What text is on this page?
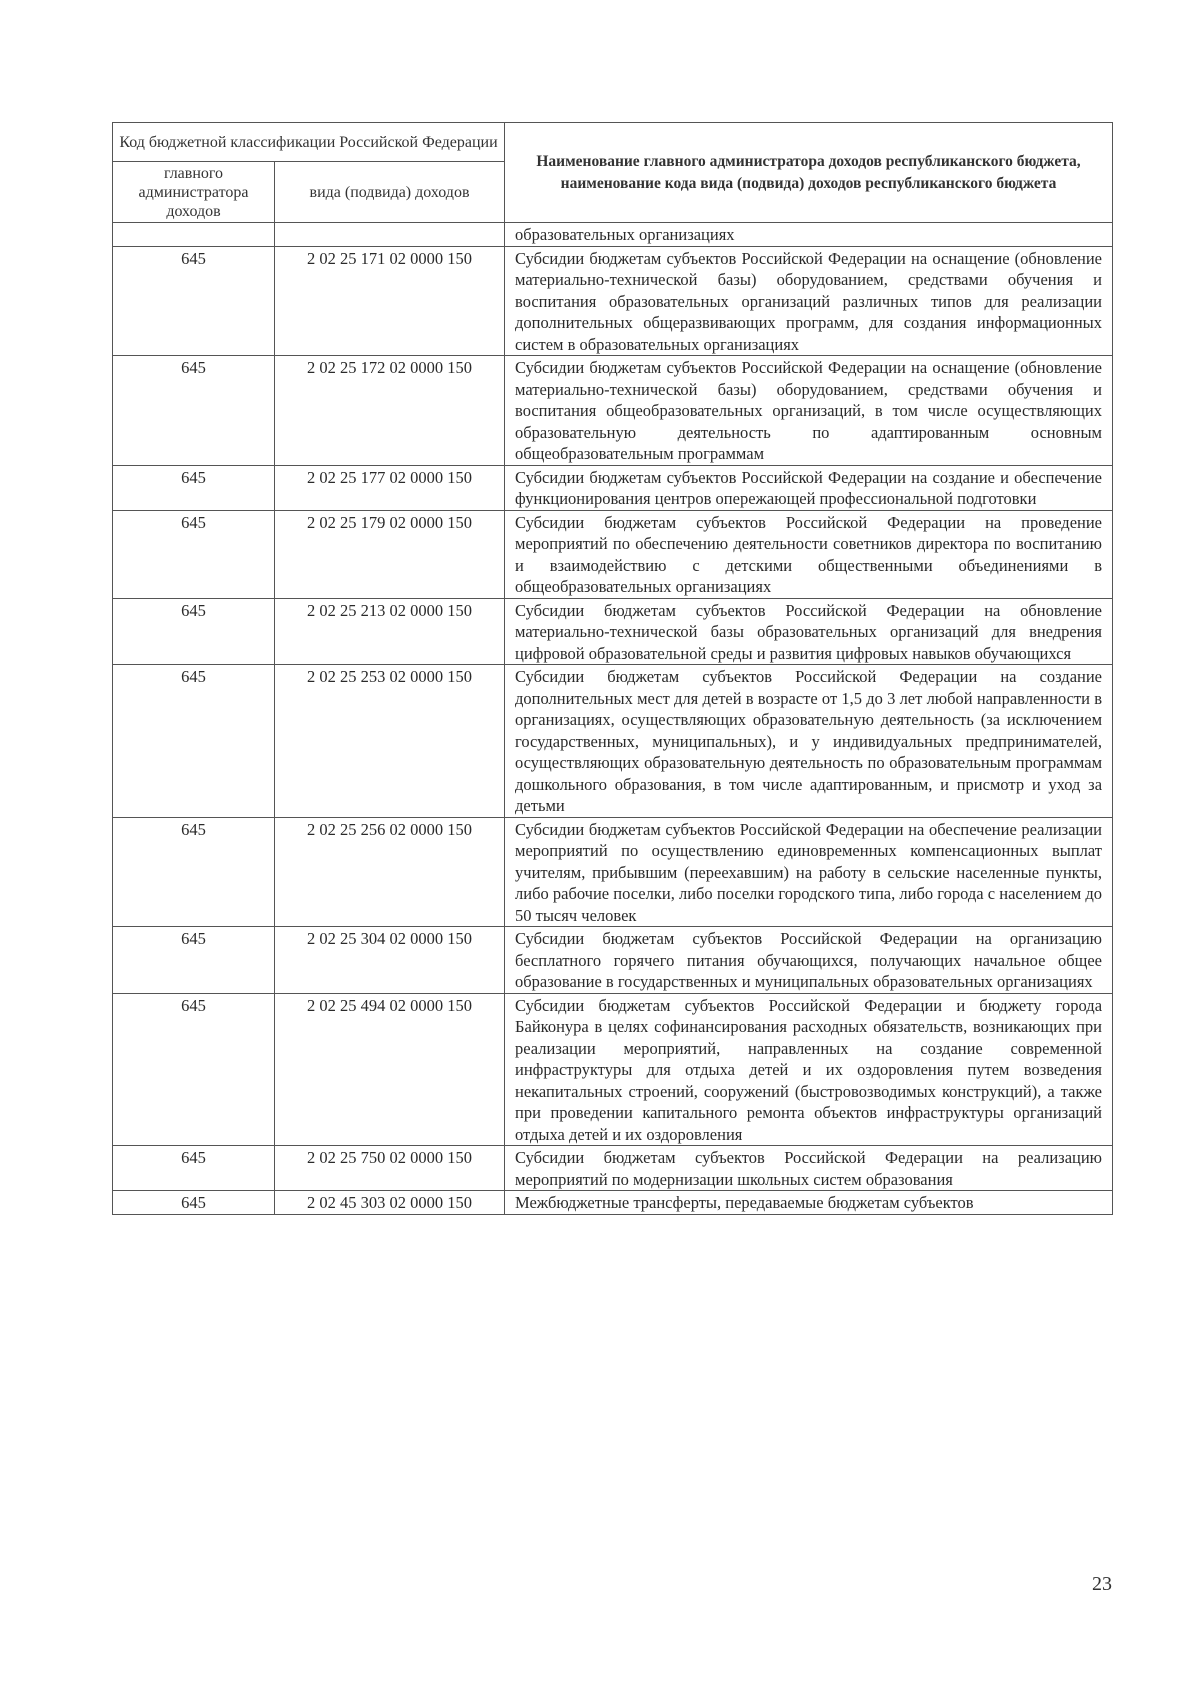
Код бюджетной классификации Российской Федерации		Наименование главного администратора доходов республиканского бюджета, наименование кода вида (подвида) доходов республиканского бюджета
главного администратора доходов	вида (подвида) доходов	
		образовательных организациях
645	2 02 25 171 02 0000 150	Субсидии бюджетам субъектов Российской Федерации на оснащение (обновление материально-технической базы) оборудованием, средствами обучения и воспитания образовательных организаций различных типов для реализации дополнительных общеразвивающих программ, для создания информационных систем в образовательных организациях
645	2 02 25 172 02 0000 150	Субсидии бюджетам субъектов Российской Федерации на оснащение (обновление материально-технической базы) оборудованием, средствами обучения и воспитания общеобразовательных организаций, в том числе осуществляющих образовательную деятельность по адаптированным основным общеобразовательным программам
645	2 02 25 177 02 0000 150	Субсидии бюджетам субъектов Российской Федерации на создание и обеспечение функционирования центров опережающей профессиональной подготовки
645	2 02 25 179 02 0000 150	Субсидии бюджетам субъектов Российской Федерации на проведение мероприятий по обеспечению деятельности советников директора по воспитанию и взаимодействию с детскими общественными объединениями в общеобразовательных организациях
645	2 02 25 213 02 0000 150	Субсидии бюджетам субъектов Российской Федерации на обновление материально-технической базы образовательных организаций для внедрения цифровой образовательной среды и развития цифровых навыков обучающихся
645	2 02 25 253 02 0000 150	Субсидии бюджетам субъектов Российской Федерации на создание дополнительных мест для детей в возрасте от 1,5 до 3 лет любой направленности в организациях, осуществляющих образовательную деятельность (за исключением государственных, муниципальных), и у индивидуальных предпринимателей, осуществляющих образовательную деятельность по образовательным программам дошкольного образования, в том числе адаптированным, и присмотр и уход за детьми
645	2 02 25 256 02 0000 150	Субсидии бюджетам субъектов Российской Федерации на обеспечение реализации мероприятий по осуществлению единовременных компенсационных выплат учителям, прибывшим (переехавшим) на работу в сельские населенные пункты, либо рабочие поселки, либо поселки городского типа, либо города с населением до 50 тысяч человек
645	2 02 25 304 02 0000 150	Субсидии бюджетам субъектов Российской Федерации на организацию бесплатного горячего питания обучающихся, получающих начальное общее образование в государственных и муниципальных образовательных организациях
645	2 02 25 494 02 0000 150	Субсидии бюджетам субъектов Российской Федерации и бюджету города Байконура в целях софинансирования расходных обязательств, возникающих при реализации мероприятий, направленных на создание современной инфраструктуры для отдыха детей и их оздоровления путем возведения некапитальных строений, сооружений (быстровозводимых конструкций), а также при проведении капитального ремонта объектов инфраструктуры организаций отдыха детей и их оздоровления
645	2 02 25 750 02 0000 150	Субсидии бюджетам субъектов Российской Федерации на реализацию мероприятий по модернизации школьных систем образования
645	2 02 45 303 02 0000 150	Межбюджетные трансферты, передаваемые бюджетам субъектов
23
